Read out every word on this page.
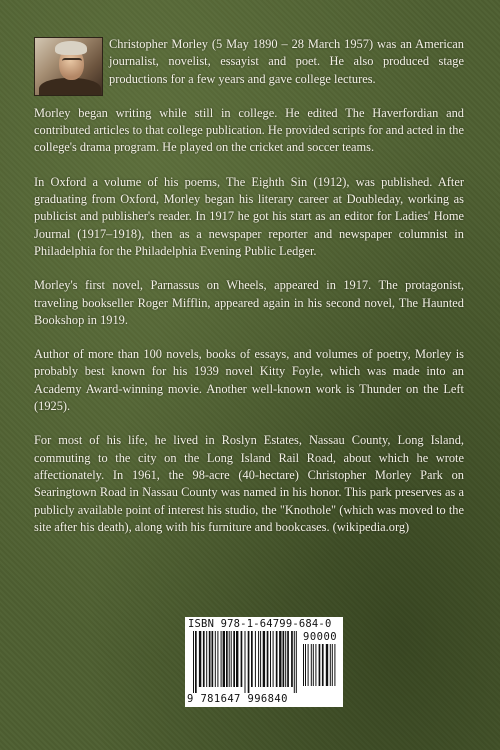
Christopher Morley (5 May 1890 – 28 March 1957) was an American journalist, novelist, essayist and poet. He also produced stage productions for a few years and gave college lectures.

Morley began writing while still in college. He edited The Haverfordian and contributed articles to that college publication. He provided scripts for and acted in the college's drama program. He played on the cricket and soccer teams.

In Oxford a volume of his poems, The Eighth Sin (1912), was published. After graduating from Oxford, Morley began his literary career at Doubleday, working as publicist and publisher's reader. In 1917 he got his start as an editor for Ladies' Home Journal (1917–1918), then as a newspaper reporter and newspaper columnist in Philadelphia for the Philadelphia Evening Public Ledger.

Morley's first novel, Parnassus on Wheels, appeared in 1917. The protagonist, traveling bookseller Roger Mifflin, appeared again in his second novel, The Haunted Bookshop in 1919.

Author of more than 100 novels, books of essays, and volumes of poetry, Morley is probably best known for his 1939 novel Kitty Foyle, which was made into an Academy Award-winning movie. Another well-known work is Thunder on the Left (1925).

For most of his life, he lived in Roslyn Estates, Nassau County, Long Island, commuting to the city on the Long Island Rail Road, about which he wrote affectionately. In 1961, the 98-acre (40-hectare) Christopher Morley Park on Searingtown Road in Nassau County was named in his honor. This park preserves as a publicly available point of interest his studio, the "Knothole" (which was moved to the site after his death), along with his furniture and bookcases. (wikipedia.org)

ISBN 978-1-64799-684-0
90000
9 781647 996840
